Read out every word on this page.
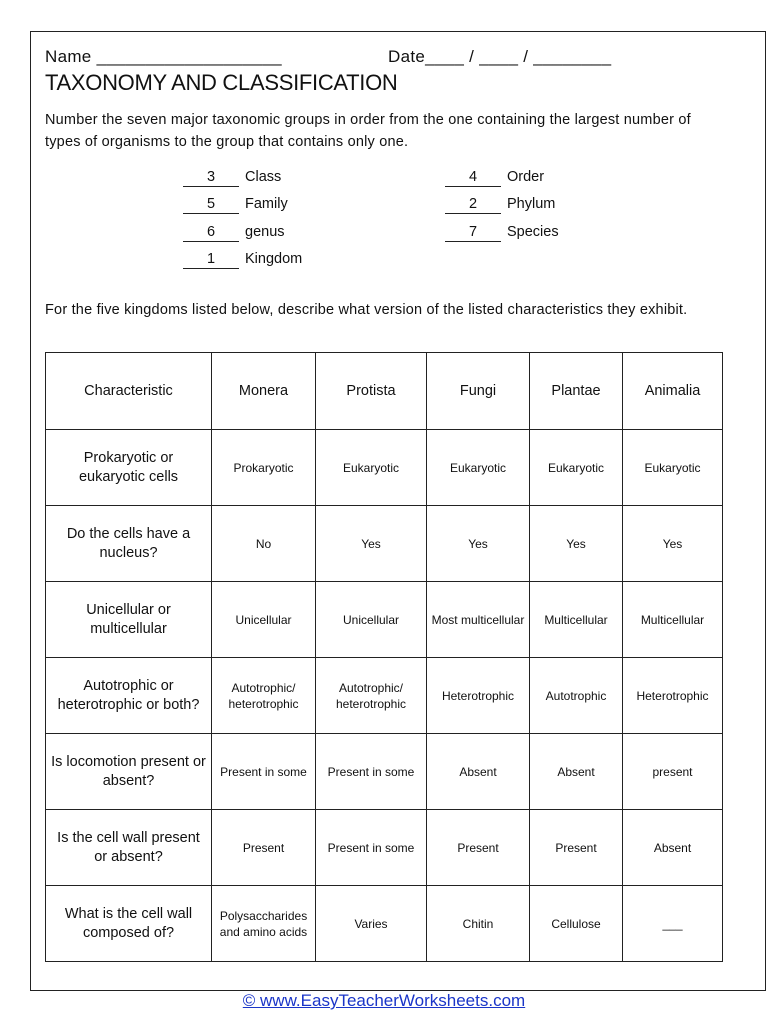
Name ___________________	Date____ / ____ / ________
TAXONOMY AND CLASSIFICATION
Number the seven major taxonomic groups in order from the one containing the largest number of types of organisms to the group that contains only one.
3 Class
5 Family
6 genus
1 Kingdom
4 Order
2 Phylum
7 Species
For the five kingdoms listed below, describe what version of the listed characteristics they exhibit.
Characteristic	Monera	Protista	Fungi	Plantae	Animalia
Prokaryotic or eukaryotic cells	Prokaryotic	Eukaryotic	Eukaryotic	Eukaryotic	Eukaryotic
Do the cells have a nucleus?	No	Yes	Yes	Yes	Yes
Unicellular or multicellular	Unicellular	Unicellular	Most multicellular	Multicellular	Multicellular
Autotrophic or heterotrophic or both?	Autotrophic/ heterotrophic	Autotrophic/ heterotrophic	Heterotrophic	Autotrophic	Heterotrophic
Is locomotion present or absent?	Present in some	Present in some	Absent	Absent	present
Is the cell wall present or absent?	Present	Present in some	Present	Present	Absent
What is the cell wall composed of?	Polysaccharides and amino acids	Varies	Chitin	Cellulose	___
© www.EasyTeacherWorksheets.com
